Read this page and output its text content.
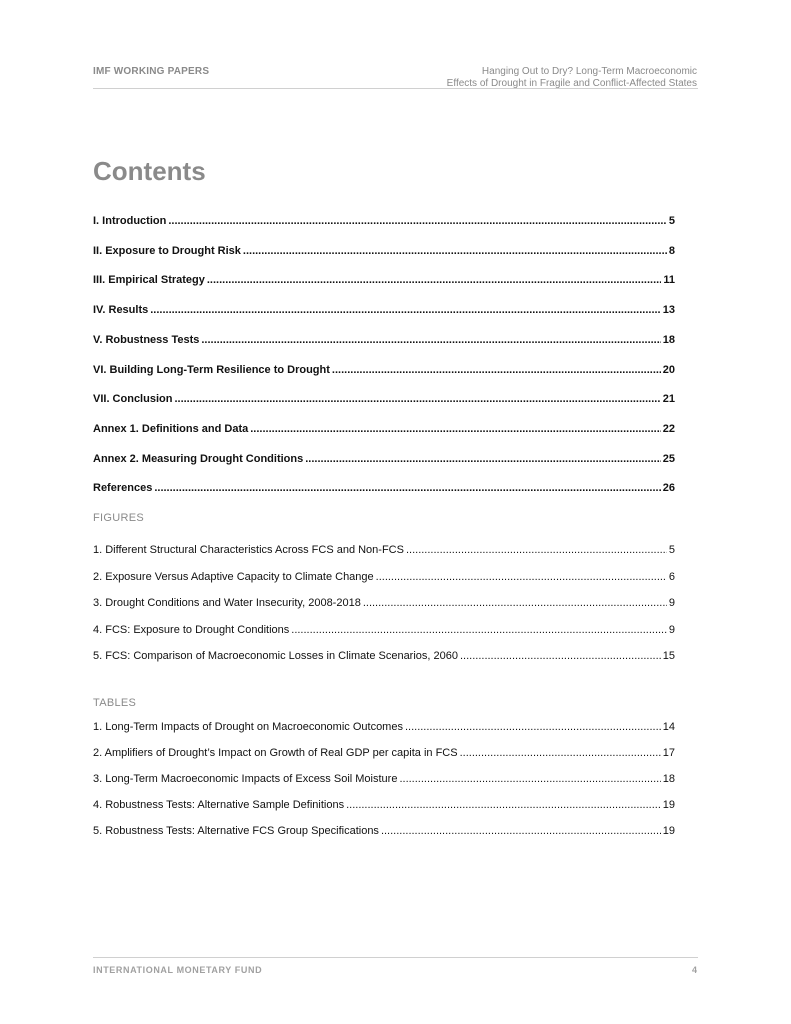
IMF WORKING PAPERS	Hanging Out to Dry? Long-Term Macroeconomic
Effects of Drought in Fragile and Conflict-Affected States
Contents
I. Introduction .....	5
II. Exposure to Drought Risk .....	8
III. Empirical Strategy .....	11
IV. Results .....	13
V. Robustness Tests .....	18
VI. Building Long-Term Resilience to Drought .....	20
VII. Conclusion .....	21
Annex 1. Definitions and Data .....	22
Annex 2. Measuring Drought Conditions .....	25
References .....	26
FIGURES
1. Different Structural Characteristics Across FCS and Non-FCS .....	5
2. Exposure Versus Adaptive Capacity to Climate Change .....	6
3. Drought Conditions and Water Insecurity, 2008-2018 .....	9
4. FCS: Exposure to Drought Conditions .....	9
5. FCS: Comparison of Macroeconomic Losses in Climate Scenarios, 2060 .....	15
TABLES
1. Long-Term Impacts of Drought on Macroeconomic Outcomes .....	14
2. Amplifiers of Drought’s Impact on Growth of Real GDP per capita in FCS .....	17
3. Long-Term Macroeconomic Impacts of Excess Soil Moisture .....	18
4. Robustness Tests: Alternative Sample Definitions .....	19
5. Robustness Tests: Alternative FCS Group Specifications .....	19
INTERNATIONAL MONETARY FUND	4
